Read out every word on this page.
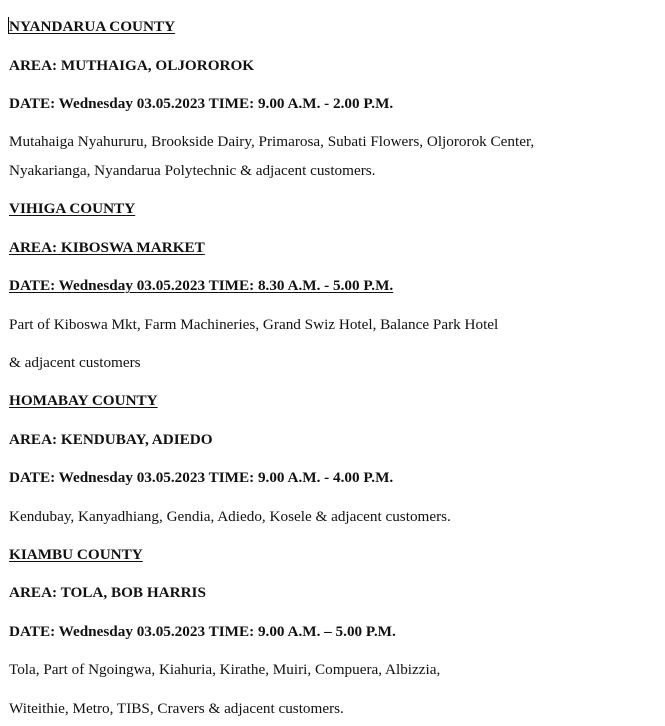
NYANDARUA COUNTY
AREA: MUTHAIGA, OLJOROROK
DATE: Wednesday 03.05.2023 TIME: 9.00 A.M. - 2.00 P.M.
Mutahaiga Nyahururu, Brookside Dairy, Primarosa, Subati Flowers, Oljororok Center,
Nyakarianga, Nyandarua Polytechnic & adjacent customers.
VIHIGA COUNTY
AREA: KIBOSWA MARKET
DATE: Wednesday 03.05.2023 TIME: 8.30 A.M. - 5.00 P.M.
Part of Kiboswa Mkt, Farm Machineries, Grand Swiz Hotel, Balance Park Hotel
& adjacent customers
HOMABAY COUNTY
AREA: KENDUBAY, ADIEDO
DATE: Wednesday 03.05.2023 TIME: 9.00 A.M. - 4.00 P.M.
Kendubay, Kanyadhiang, Gendia, Adiedo, Kosele & adjacent customers.
KIAMBU COUNTY
AREA: TOLA, BOB HARRIS
DATE: Wednesday 03.05.2023 TIME: 9.00 A.M. – 5.00 P.M.
Tola, Part of Ngoingwa, Kiahuria, Kirathe, Muiri, Compuera, Albizzia,
Witeithie, Metro, TIBS, Cravers & adjacent customers.
